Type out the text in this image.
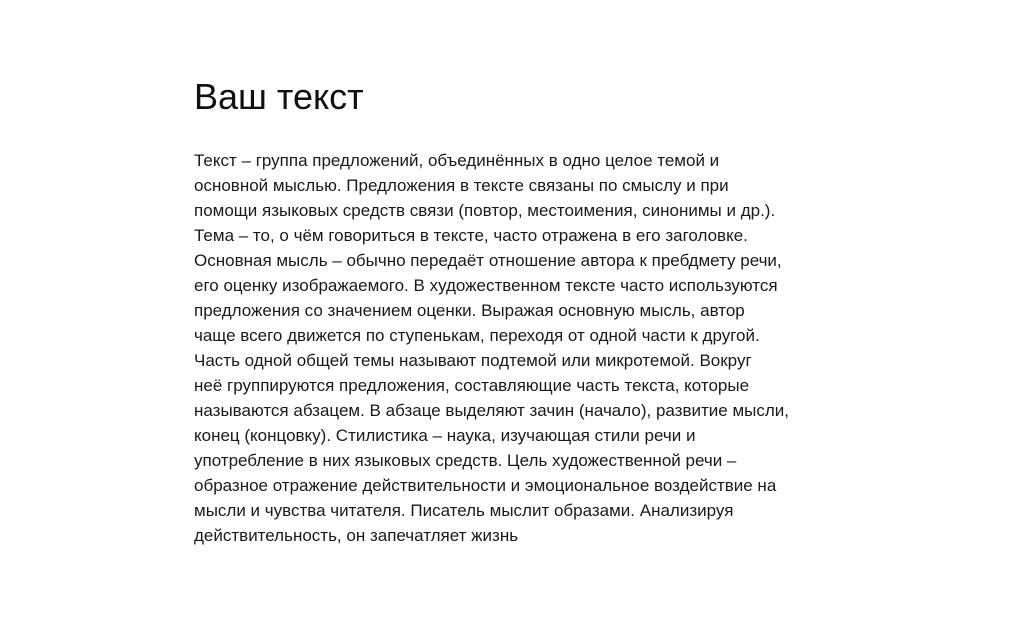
Ваш текст

Текст – группа предложений, объединённых в одно целое темой и
основной мыслью. Предложения в тексте связаны по смыслу и при
помощи языковых средств связи (повтор, местоимения, синонимы и др.).
Тема – то, о чём говориться в тексте, часто отражена в его заголовке.
Основная мысль – обычно передаёт отношение автора к пребдмету речи,
его оценку изображаемого. В художественном тексте часто используются
предложения со значением оценки. Выражая основную мысль, автор
чаще всего движется по ступенькам, переходя от одной части к другой.
Часть одной общей темы называют подтемой или микротемой. Вокруг
неё группируются предложения, составляющие часть текста, которые
называются абзацем. В абзаце выделяют зачин (начало), развитие мысли,
конец (концовку). Стилистика – наука, изучающая стили речи и
употребление в них языковых средств. Цель художественной речи –
образное отражение действительности и эмоциональное воздействие на
мысли и чувства читателя. Писатель мыслит образами. Анализируя
действительность, он запечатляет жизнь
